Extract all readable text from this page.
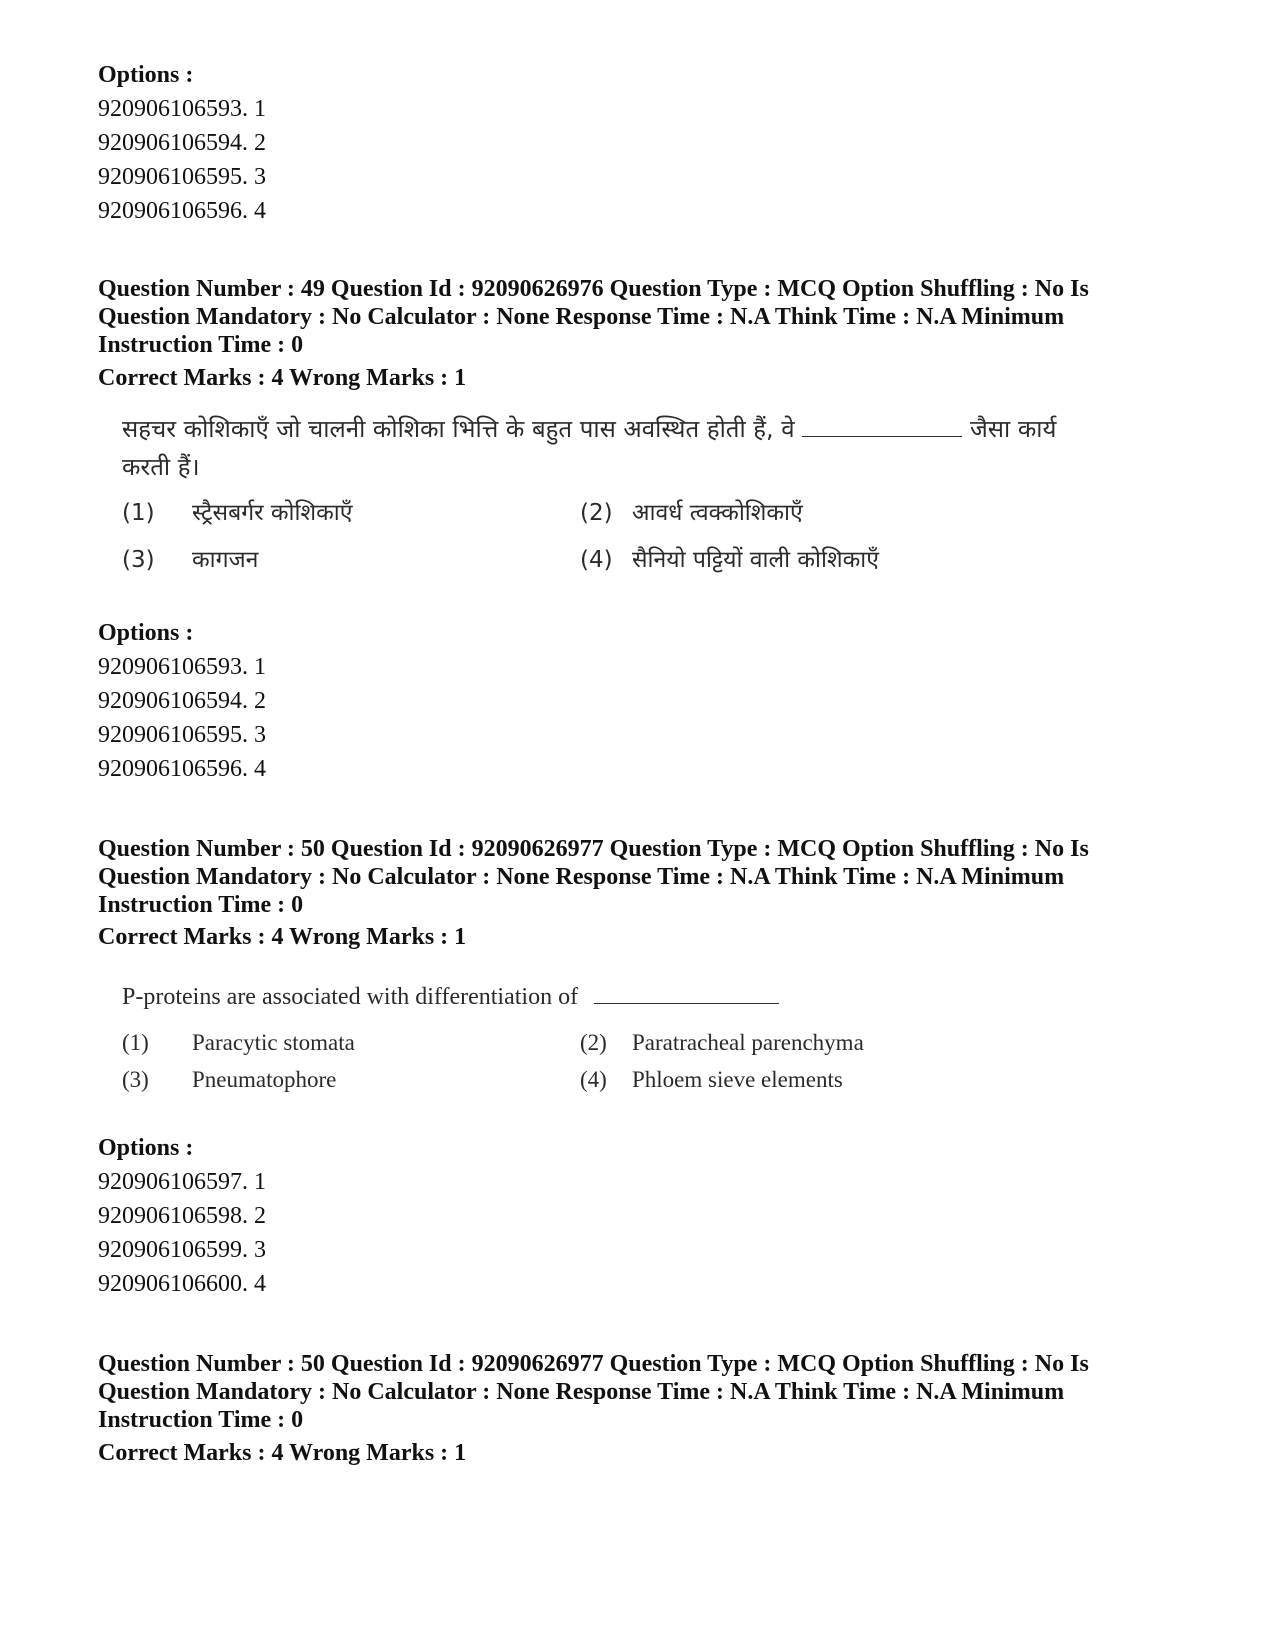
Options :
920906106593. 1
920906106594. 2
920906106595. 3
920906106596. 4
Question Number : 49 Question Id : 92090626976 Question Type : MCQ Option Shuffling : No Is Question Mandatory : No Calculator : None Response Time : N.A Think Time : N.A Minimum Instruction Time : 0
Correct Marks : 4 Wrong Marks : 1
सहचर कोशिकाएँ जो चालनी कोशिका भित्ति के बहुत पास अवस्थित होती हैं, वे	जैसा कार्य करती हैं।
(1) स्ट्रैसबर्गर कोशिकाएँ	(2) आवर्ध त्वक्कोशिकाएँ
(3) कागजन	(4) सैनियो पट्टियों वाली कोशिकाएँ
Options :
920906106593. 1
920906106594. 2
920906106595. 3
920906106596. 4
Question Number : 50 Question Id : 92090626977 Question Type : MCQ Option Shuffling : No Is Question Mandatory : No Calculator : None Response Time : N.A Think Time : N.A Minimum Instruction Time : 0
Correct Marks : 4 Wrong Marks : 1
P-proteins are associated with differentiation of
(1) Paracytic stomata	(2) Paratracheal parenchyma
(3) Pneumatophore	(4) Phloem sieve elements
Options :
920906106597. 1
920906106598. 2
920906106599. 3
920906106600. 4
Question Number : 50 Question Id : 92090626977 Question Type : MCQ Option Shuffling : No Is Question Mandatory : No Calculator : None Response Time : N.A Think Time : N.A Minimum Instruction Time : 0
Correct Marks : 4 Wrong Marks : 1
